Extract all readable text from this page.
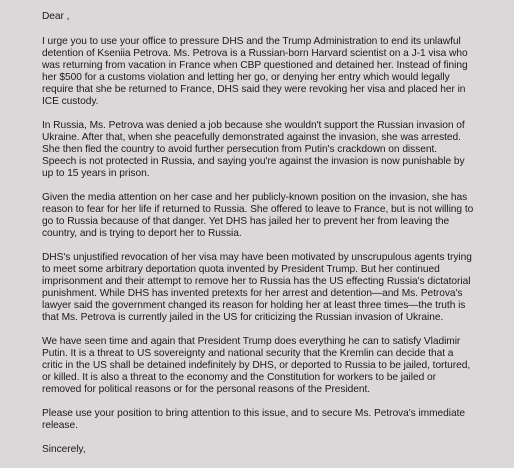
Dear ,

I urge you to use your office to pressure DHS and the Trump Administration to end its unlawful detention of Kseniia Petrova. Ms. Petrova is a Russian-born Harvard scientist on a J-1 visa who was returning from vacation in France when CBP questioned and detained her. Instead of fining her $500 for a customs violation and letting her go, or denying her entry which would legally require that she be returned to France, DHS said they were revoking her visa and placed her in ICE custody.

In Russia, Ms. Petrova was denied a job because she wouldn't support the Russian invasion of Ukraine. After that, when she peacefully demonstrated against the invasion, she was arrested. She then fled the country to avoid further persecution from Putin's crackdown on dissent. Speech is not protected in Russia, and saying you're against the invasion is now punishable by up to 15 years in prison.

Given the media attention on her case and her publicly-known position on the invasion, she has reason to fear for her life if returned to Russia. She offered to leave to France, but is not willing to go to Russia because of that danger. Yet DHS has jailed her to prevent her from leaving the country, and is trying to deport her to Russia.

DHS's unjustified revocation of her visa may have been motivated by unscrupulous agents trying to meet some arbitrary deportation quota invented by President Trump. But her continued imprisonment and their attempt to remove her to Russia has the US effecting Russia's dictatorial punishment. While DHS has invented pretexts for her arrest and detention—and Ms. Petrova's lawyer said the government changed its reason for holding her at least three times—the truth is that Ms. Petrova is currently jailed in the US for criticizing the Russian invasion of Ukraine.

We have seen time and again that President Trump does everything he can to satisfy Vladimir Putin. It is a threat to US sovereignty and national security that the Kremlin can decide that a critic in the US shall be detained indefinitely by DHS, or deported to Russia to be jailed, tortured, or killed. It is also a threat to the economy and the Constitution for workers to be jailed or removed for political reasons or for the personal reasons of the President.

Please use your position to bring attention to this issue, and to secure Ms. Petrova's immediate release.

Sincerely,
